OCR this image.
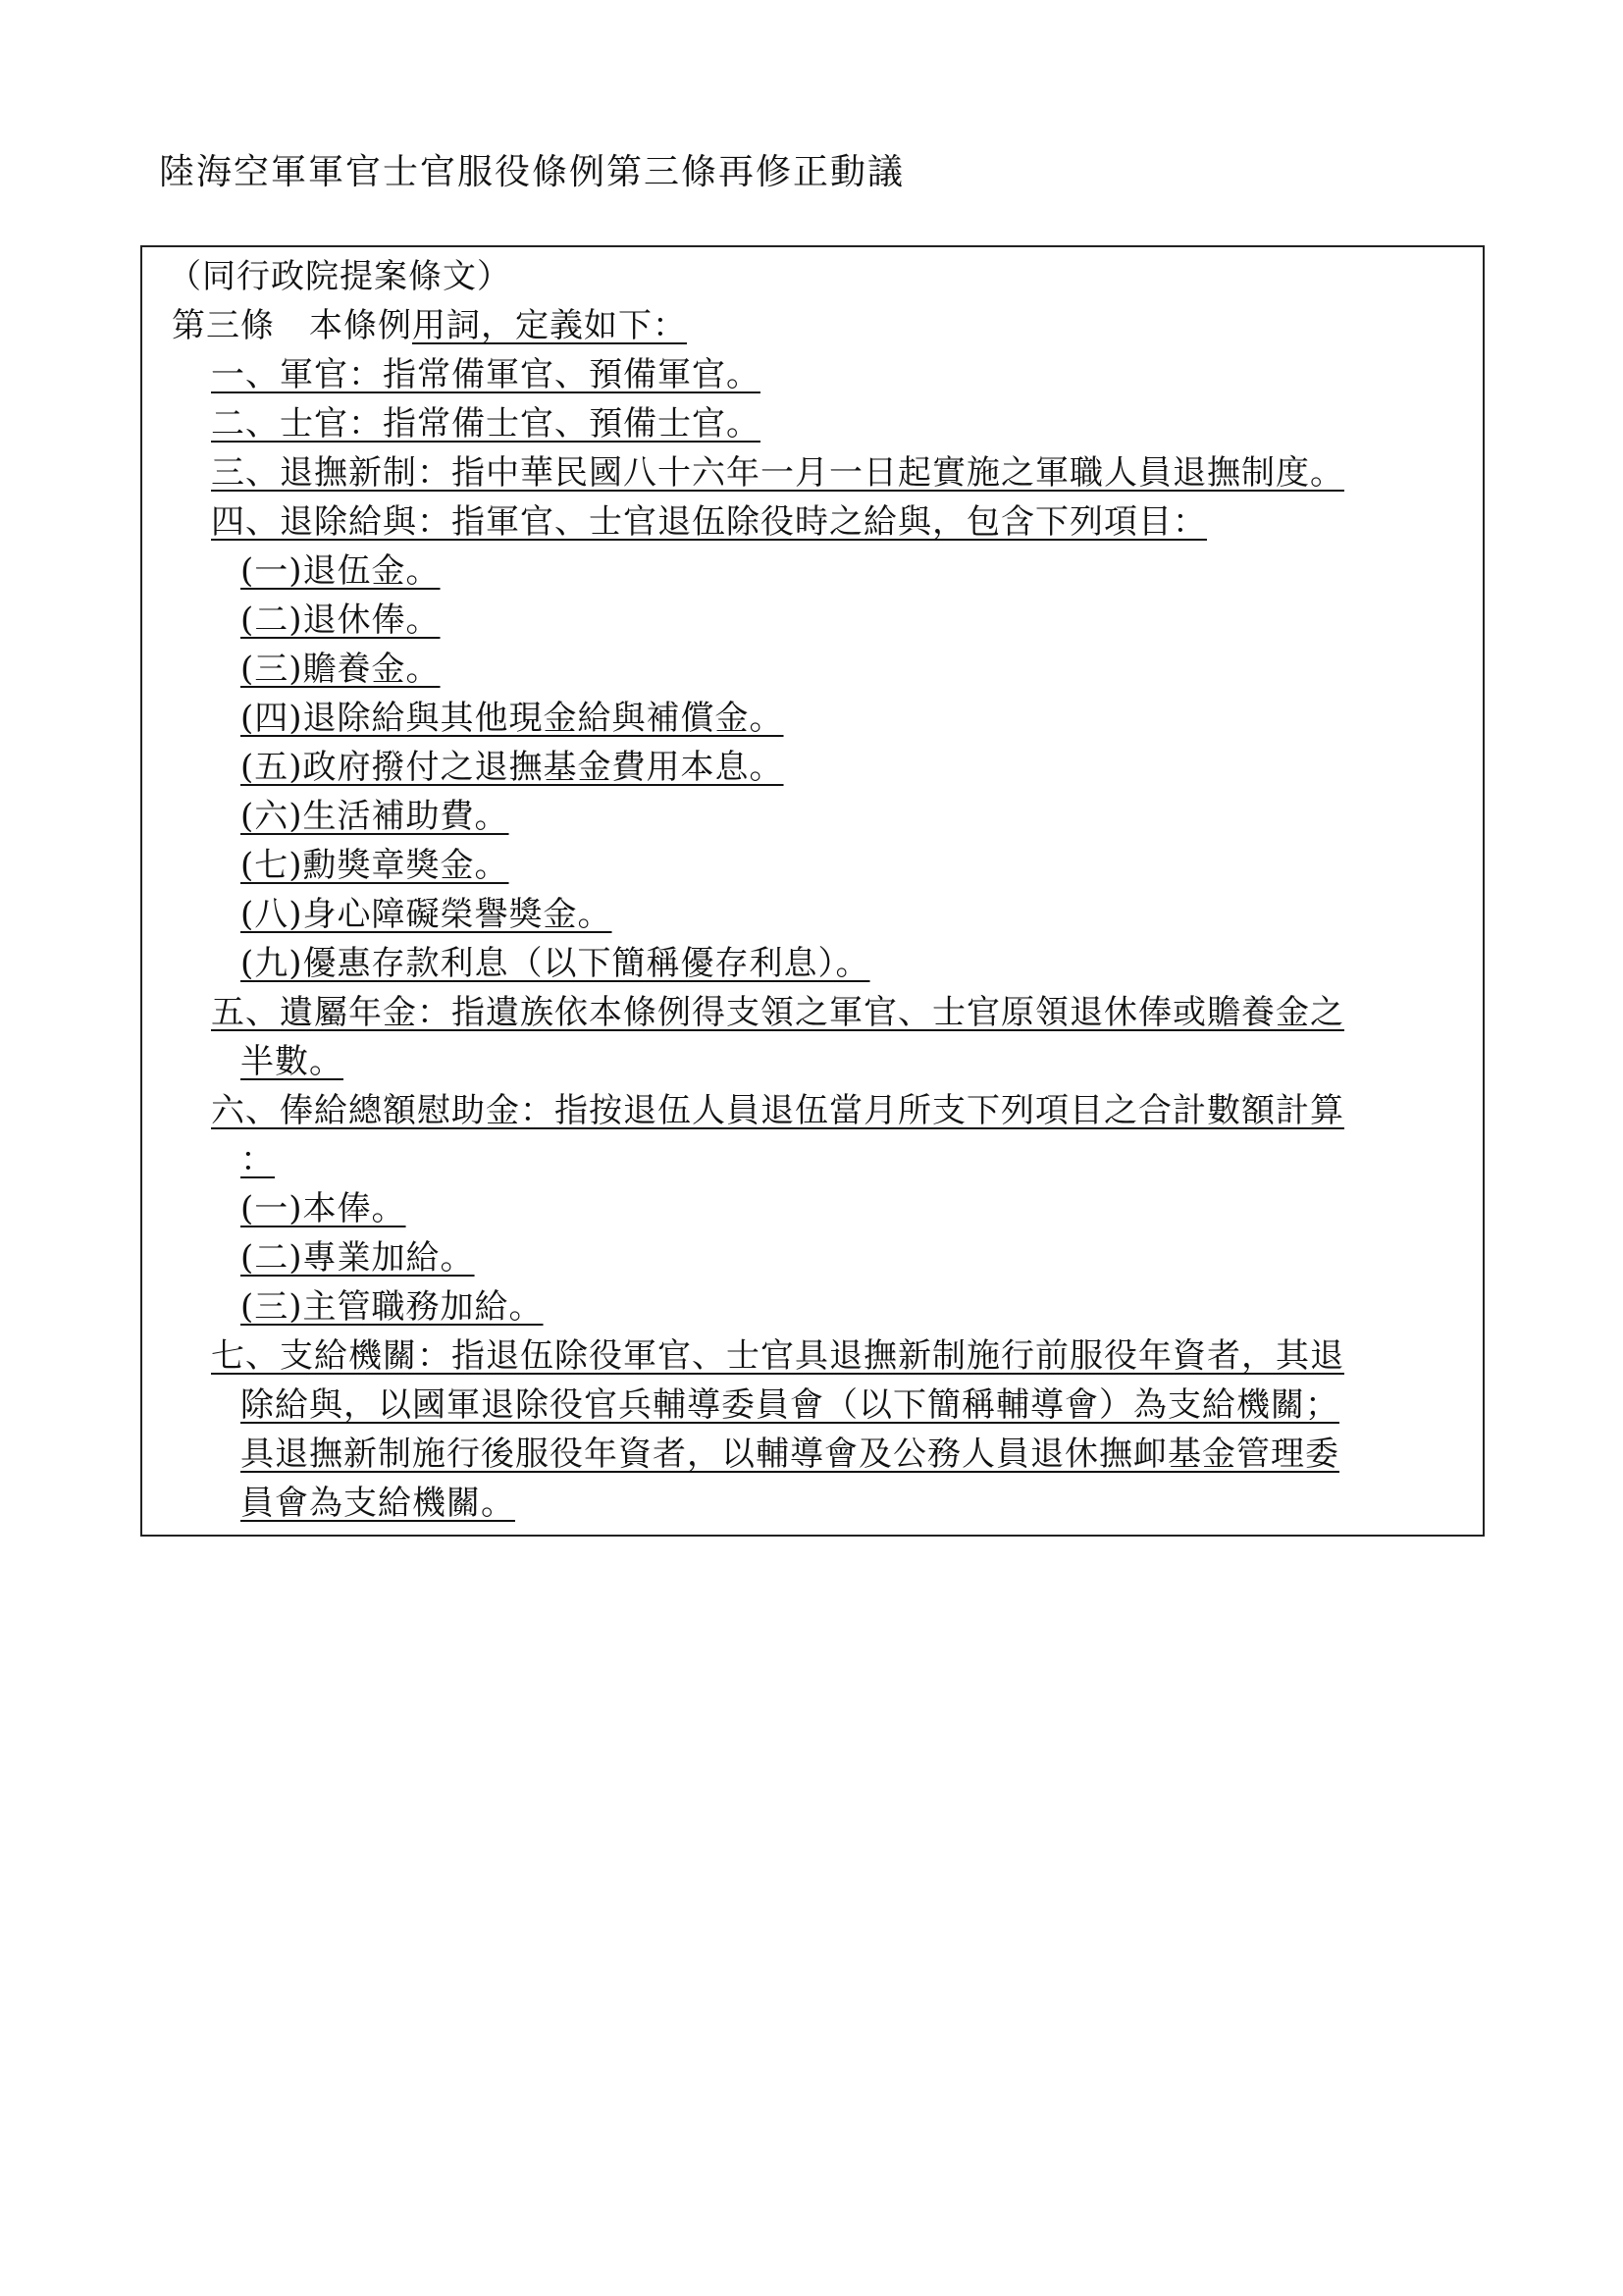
陸海空軍軍官士官服役條例第三條再修正動議
（同行政院提案條文）
第三條　本條例用詞，定義如下：
一、軍官：指常備軍官、預備軍官。
二、士官：指常備士官、預備士官。
三、退撫新制：指中華民國八十六年一月一日起實施之軍職人員退撫制度。
四、退除給與：指軍官、士官退伍除役時之給與，包含下列項目：
(一)退伍金。
(二)退休俸。
(三)贍養金。
(四)退除給與其他現金給與補償金。
(五)政府撥付之退撫基金費用本息。
(六)生活補助費。
(七)勳獎章獎金。
(八)身心障礙榮譽獎金。
(九)優惠存款利息（以下簡稱優存利息）。
五、遺屬年金：指遺族依本條例得支領之軍官、士官原領退休俸或贍養金之
半數。
六、俸給總額慰助金：指按退伍人員退伍當月所支下列項目之合計數額計算
：
(一)本俸。
(二)專業加給。
(三)主管職務加給。
七、支給機關：指退伍除役軍官、士官具退撫新制施行前服役年資者，其退
除給與，以國軍退除役官兵輔導委員會（以下簡稱輔導會）為支給機關；
具退撫新制施行後服役年資者，以輔導會及公務人員退休撫卹基金管理委
員會為支給機關。
